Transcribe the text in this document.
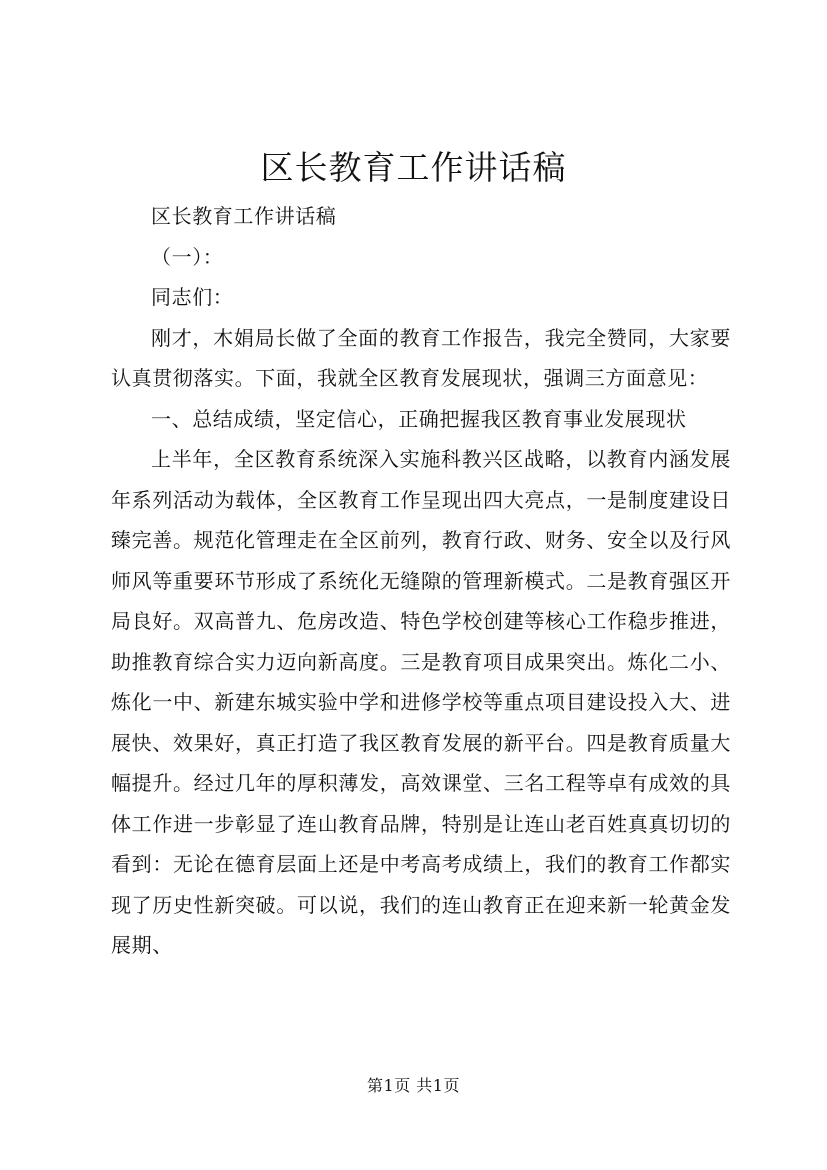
区长教育工作讲话稿

区长教育工作讲话稿

（一）：

同志们：

刚才，木娟局长做了全面的教育工作报告，我完全赞同，大家要认真贯彻落实。下面，我就全区教育发展现状，强调三方面意见：

一、总结成绩，坚定信心，正确把握我区教育事业发展现状

上半年，全区教育系统深入实施科教兴区战略，以教育内涵发展年系列活动为载体，全区教育工作呈现出四大亮点，一是制度建设日臻完善。规范化管理走在全区前列，教育行政、财务、安全以及行风师风等重要环节形成了系统化无缝隙的管理新模式。二是教育强区开局良好。双高普九、危房改造、特色学校创建等核心工作稳步推进，助推教育综合实力迈向新高度。三是教育项目成果突出。炼化二小、炼化一中、新建东城实验中学和进修学校等重点项目建设投入大、进展快、效果好，真正打造了我区教育发展的新平台。四是教育质量大幅提升。经过几年的厚积薄发，高效课堂、三名工程等卓有成效的具体工作进一步彰显了连山教育品牌，特别是让连山老百姓真真切切的看到：无论在德育层面上还是中考高考成绩上，我们的教育工作都实现了历史性新突破。可以说，我们的连山教育正在迎来新一轮黄金发展期、

第1页 共1页
